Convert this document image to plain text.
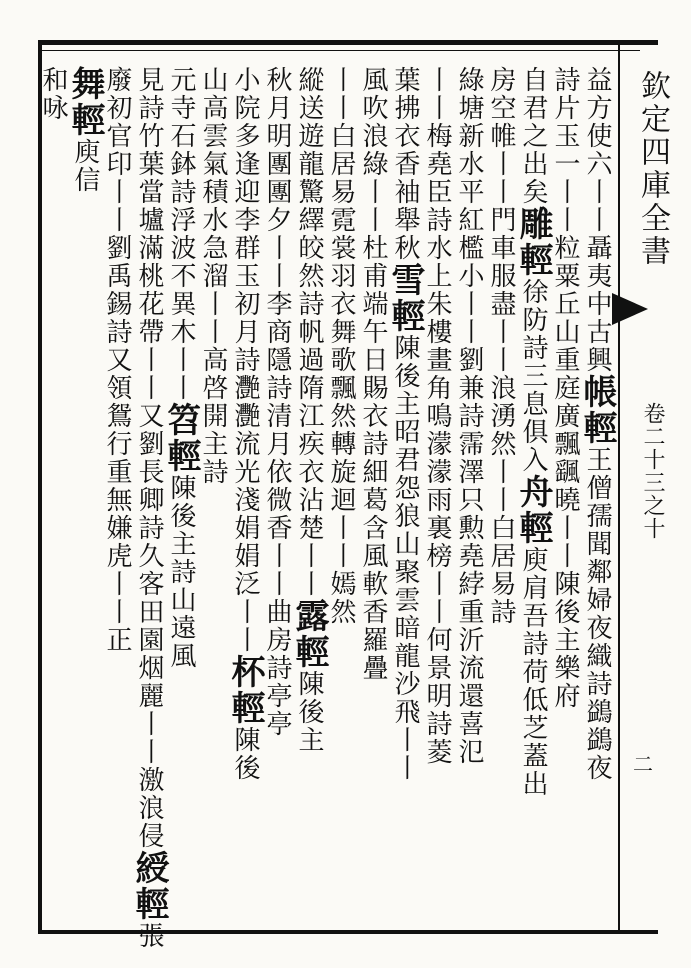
欽定四庫全書
卷二十三之十
二
益方使六丨丨聶夷中古興帳輕王僧孺聞鄰婦夜織詩鷁鷁夜
詩片玉一丨丨粒粟丘山重庭廣飄颻曉丨丨陳後主樂府
自君之出矣雕輕徐防詩三息俱入舟輕庾肩吾詩荷低芝蓋出
房空帷丨丨門車服盡丨丨浪湧然丨丨白居易詩
綠塘新水平紅檻小丨丨劉兼詩霈澤只勲堯綍重沂流還喜氾
丨丨梅堯臣詩水上朱樓畫角鳴濛濛雨裏榜丨丨何景明詩菱
葉拂衣香袖舉秋雪輕陳後主昭君怨狼山聚雲暗龍沙飛丨丨
風吹浪綠丨丨杜甫端午日賜衣詩細葛含風軟香羅疊
丨丨白居易霓裳羽衣舞歌飄然轉旋迴丨丨嫣然
縱送遊龍驚繹皎然詩帆過隋江疾衣沾楚丨丨露輕陳後主
秋月明團團夕丨丨李商隱詩清月依微香丨丨曲房詩亭亭
小院多逢迎李群玉初月詩灧灧流光淺娟娟泛丨丨杯輕陳後
山高雲氣積水急溜丨丨高啓開主詩
元寺石鉢詩浮波不異木丨丨笤輕陳後主詩山遠風
見詩竹葉當壚滿桃花帶丨丨又劉長卿詩久客田園烟麗丨丨激浪侵綬輕張
廢初官印丨丨劉禹錫詩又領鴛行重無嫌虎丨丨正
舞輕庾信
和咏
